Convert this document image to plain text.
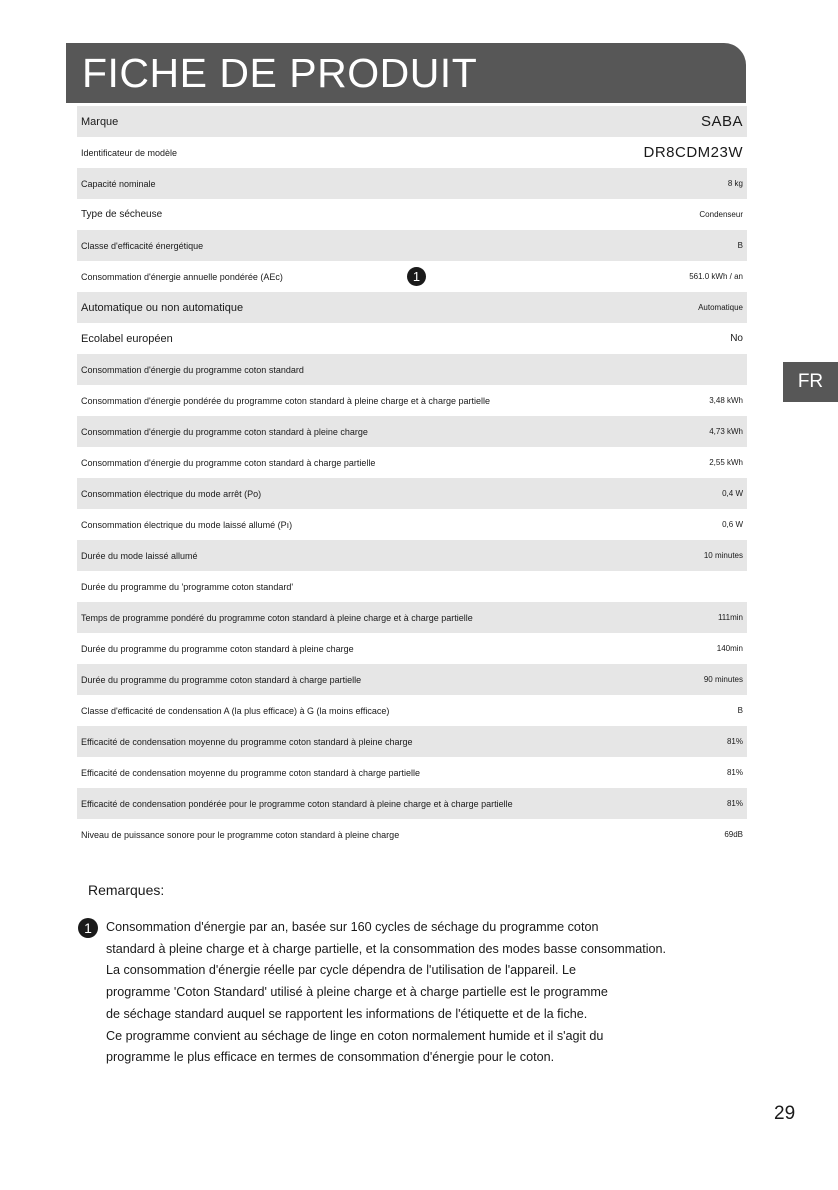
FICHE DE PRODUIT
FR
Marque	SABA
Identificateur de modèle	DR8CDM23W
Capacité nominale	8 kg
Type de sécheuse	Condenseur
Classe d'efficacité énergétique	B
Consommation d'énergie annuelle pondérée (AEc)	1	561.0 kWh / an
Automatique ou non automatique	Automatique
Ecolabel européen	No
Consommation d'énergie du programme coton standard
Consommation d'énergie pondérée du programme coton standard à pleine charge et à charge partielle	3,48 kWh
Consommation d'énergie du programme coton standard à pleine charge	4,73 kWh
Consommation d'énergie du programme coton standard à charge partielle	2,55 kWh
Consommation électrique du mode arrêt (Po)	0,4 W
Consommation électrique du mode laissé allumé (Pı)	0,6 W
Durée du mode laissé allumé	10 minutes
Durée du programme du 'programme coton standard'
Temps de programme pondéré du programme coton standard à pleine charge et à charge partielle	111min
Durée du programme du programme coton standard à pleine charge	140min
Durée du programme du programme coton standard à charge partielle	90 minutes
Classe d'efficacité de condensation A (la plus efficace) à G (la moins efficace)	B
Efficacité de condensation moyenne du programme coton standard à pleine charge	81%
Efficacité de condensation moyenne du programme coton standard à charge partielle	81%
Efficacité de condensation pondérée pour le programme coton standard à pleine charge et à charge partielle	81%
Niveau de puissance sonore pour le programme coton standard à pleine charge	69dB
Remarques:
1	Consommation d'énergie par an, basée sur 160 cycles de séchage du programme coton
standard à pleine charge et à charge partielle, et la consommation des modes basse consommation.
La consommation d'énergie réelle par cycle dépendra de l'utilisation de l'appareil. Le
programme 'Coton Standard' utilisé à pleine charge et à charge partielle est le programme
de séchage standard auquel se rapportent les informations de l'étiquette et de la fiche.
Ce programme convient au séchage de linge en coton normalement humide et il s'agit du
programme le plus efficace en termes de consommation d'énergie pour le coton.
29
